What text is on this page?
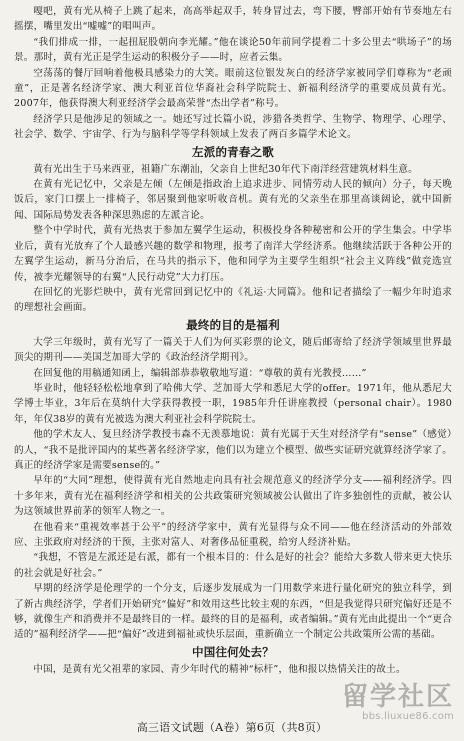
嘎吧，黄有光从椅子上跳了起来，高高举起双手，转身冒过去，弯下腰，臀部开始有节奏地左右摇摆，嘴里发出“嘘嘘”的唱叫声。

“我们排成一排，一起扭屁股朝向李光耀。”他在谈论50年前同学提着二十多公里去“哄场子”的场景。那时，黄有光正是学生运动的积极分子——时，应者云集。

空荡荡的餐厅回响着他极具感染力的大笑。眼前这位银发灰白的经济学家被同学们尊称为“老顽童”，正是著名经济学家、澳大利亚首位华裔社会科学院院士、新福利经济学的重要成员黄有光。2007年，他获得澳大利亚经济学会最高荣誉“杰出学者”称号。

经济学只是他涉足的领域之一。她还写过长篇小说，涉猎各类哲学、生物学、物理学、心理学、社会学、数学、宇宙学、行为与脑科学等学科领域上发表了两百多篇学术论文。

左派的青春之歌

黄有光出生于马来西亚，祖籍广东潮汕，父亲自上世纪30年代下南洋经营建筑材料生意。

在黄有光记忆中，父亲是左倾（左倾是指政治上追求进步、同情劳动人民的倾向）分子，每天晚饭后，家门口摆上一排椅子，邻居聚到他家听收音机。黄有光的父亲坐在那里高谈阔论，就中国新闻、国际局势发表各种深思熟虑的左派言论。

整个中学时代，黄有光热衷于参加左翼学生运动，积极投身各种秘密和公开的学生集会。中学毕业后，黄有光放弃了个人最感兴趣的数学和物理，报考了南洋大学经济系。他继续活跃于各种公开的左翼学生运动，新马分治后，在马共的指示下，他和同学为主要学生组织“社会主义阵线”做竞选宣传，被李光耀领导的右翼“人民行动党”大力打压。

在回忆的光影烂映中，黄有光常回到记忆中的《礼运·大同篇》。他和记者描绘了一幅少年时追求的理想社会画面。

最终的目的是福利

大学三年级时，黄有光写了一篇关于人们为何买彩票的论文，随后邮寄给了经济学领域里世界最顶尖的期刊——美国芝加哥大学的《政治经济学期刊》。

在回复他的用稿通知函上，编辑部恭恭敬敬地写道：“尊敬的黄有光教授……”

毕业时，他轻轻松松地拿到了哈佛大学、芝加哥大学和悉尼大学的offer。1971年，他从悉尼大学博士毕业，3年后在莫纳什大学获得教授一职，1985年升任讲座教授（personal chair）。1980年，年仅38岁的黄有光被选为澳大利亚社会科学院院士。

他的学术友人、复旦经济学教授韦森不无羡慕地说：黄有光属于天生对经济学有“sense”（感觉）的人，“我不是批评国内的某些著名经济学家，他们以为建立个模型、做些实证研究就算经济学家了。真正的经济学家是需要sense的。”

早年的“大同”理想，使得黄有光自然地走向具有社会规范意义的经济学分支——福利经济学。四十多年来，黄有光在福利经济学和相关的公共政策研究领域被公认做出了许多独创性的贡献，被公认为这领域世界前茅的领军人物之一。

在他看来“重视效率甚于公平”的经济学家中，黄有光显得与众不同——他在经济活动的外部效应、主张政府对经济的干预，主张对富人、对奢侈品征重税，给穷人经济补贴。

“我想，不管是左派还是右派，都有一个根本目的：什么是好的社会？能给大多数人带来更大快乐的社会就是好社会。”

早期的经济学是伦理学的一个分支，后逐步发展成为一门用数学来进行量化研究的独立科学，到了新古典经济学，学者们开始研究“偏好”和效用这些比较主观的东西，“但是我觉得只研究偏好还是不够，就像生产和消费并不是最终目的一样。最终的目的是福利，或者编辑。”黄有光由此提出一个“更合适的”福利经济学——把“偏好”改进到福祉或快乐层面，重新确立一个制定公共政策所公需的基础。

中国往何处去？

中国，是黄有光父祖辈的家园、青少年时代的精神“标杆”，他和报以热情关注的故土。

留学社区
bbs.liuxue86.com
高三语文试题（A卷）第6页（共8页）
